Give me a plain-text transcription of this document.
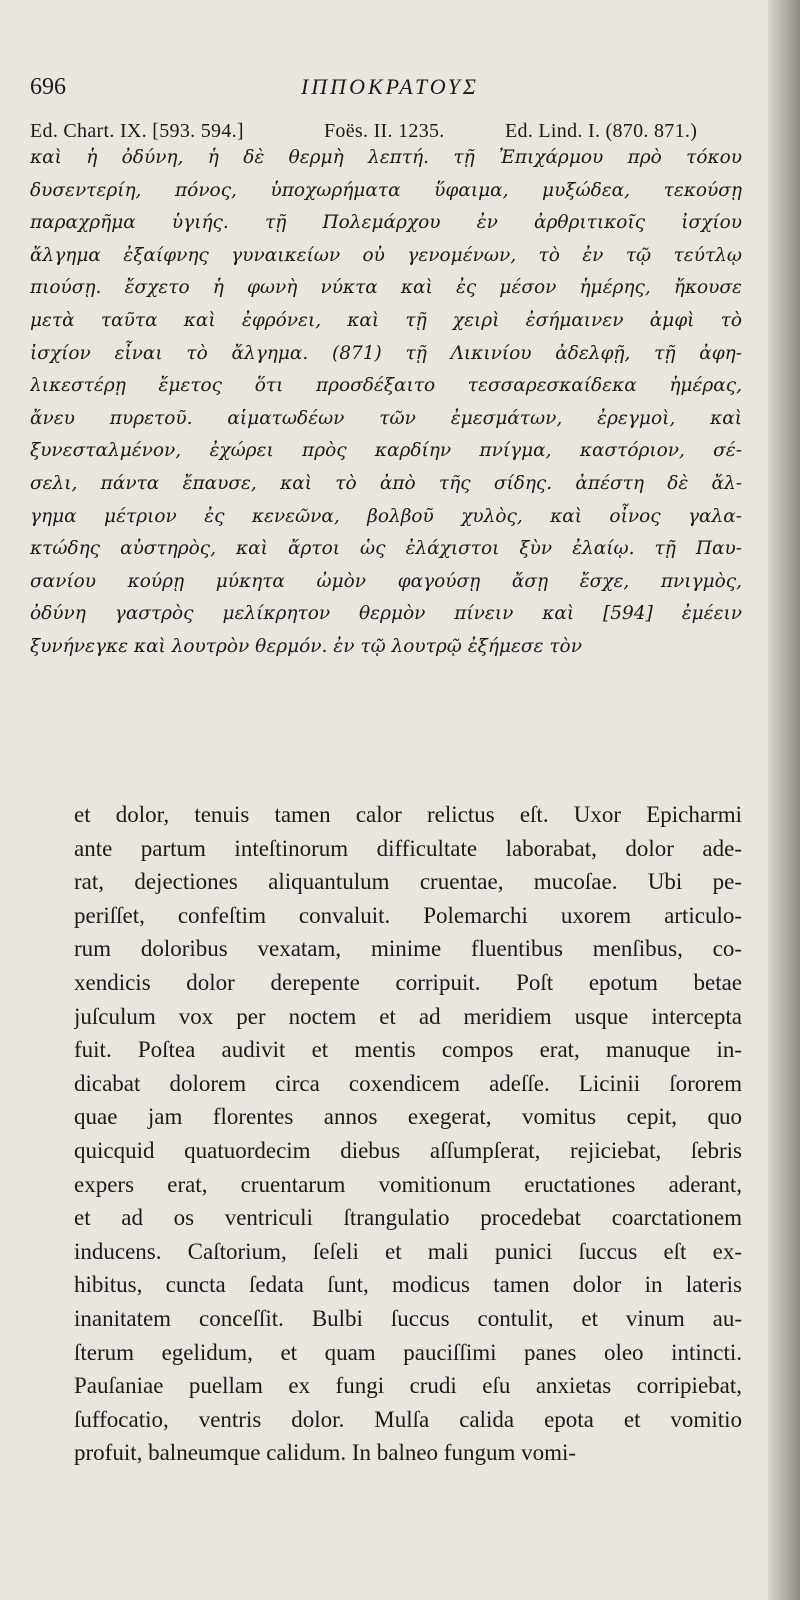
696	ΙΠΠΟΚΡΑΤΟΥΣ
Ed. Chart. IX. [593. 594.]	Foës. II. 1235.	Ed. Lind. I. (870. 871.)
καὶ ἡ ὀδύνη, ἡ δὲ θερμὴ λεπτή. τῇ Ἐπιχάρμου πρὸ τόκου
δυσεντερίη, πόνος, ὑποχωρήματα ὕφαιμα, μυξώδεα, τεκούσῃ
παραχρῆμα ὑγιής. τῇ Πολεμάρχου ἐν ἀρθριτικοῖς ἰσχίου
ἄλγημα ἐξαίφνης γυναικείων οὐ γενομένων, τὸ ἐν τῷ τεύτλῳ
πιούσῃ. ἔσχετο ἡ φωνὴ νύκτα καὶ ἐς μέσον ἡμέρης, ἤκουσε
μετὰ ταῦτα καὶ ἐφρόνει, καὶ τῇ χειρὶ ἐσήμαινεν ἀμφὶ τὸ
ἰσχίον εἶναι τὸ ἄλγημα. (871) τῇ Λικινίου ἀδελφῇ, τῇ ἀφη-
λικεστέρῃ ἔμετος ὅτι προσδέξαιτο τεσσαρεσκαίδεκα ἡμέρας,
ἄνευ πυρετοῦ. αἱματωδέων τῶν ἐμεσμάτων, ἐρεγμοὶ, καὶ
ξυνεσταλμένον, ἐχώρει πρὸς καρδίην πνίγμα, καστόριον, σέ-
σελι, πάντα ἔπαυσε, καὶ τὸ ἀπὸ τῆς σίδης. ἀπέστη δὲ ἄλ-
γημα μέτριον ἐς κενεῶνα, βολβοῦ χυλὸς, καὶ οἶνος γαλα-
κτώδης αὐστηρὸς, καὶ ἄρτοι ὡς ἐλάχιστοι ξὺν ἐλαίῳ. τῇ Παυ-
σανίου κούρῃ μύκητα ὠμὸν φαγούσῃ ἄσῃ ἔσχε, πνιγμὸς,
ὀδύνη γαστρὸς μελίκρητον θερμὸν πίνειν καὶ [594] ἐμέειν
ξυνήνεγκε καὶ λουτρὸν θερμόν. ἐν τῷ λουτρῷ ἐξήμεσε τὸν
et dolor, tenuis tamen calor relictus eſt. Uxor Epicharmi
ante partum inteſtinorum difficultate laborabat, dolor ade-
rat, dejectiones aliquantulum cruentae, mucoſae. Ubi pe-
periſſet, confeſtim convaluit. Polemarchi uxorem articulo-
rum doloribus vexatam, minime fluentibus menſibus, co-
xendicis dolor derepente corripuit. Poſt epotum betae
juſculum vox per noctem et ad meridiem usque intercepta
fuit. Poſtea audivit et mentis compos erat, manuque in-
dicabat dolorem circa coxendicem adeſſe. Licinii ſororem
quae jam florentes annos exegerat, vomitus cepit, quo
quicquid quatuordecim diebus aſſumpſerat, rejiciebat, ſebris
expers erat, cruentarum vomitionum eructationes aderant,
et ad os ventriculi ſtrangulatio procedebat coarctationem
inducens. Caſtorium, ſeſeli et mali punici ſuccus eſt ex-
hibitus, cuncta ſedata ſunt, modicus tamen dolor in lateris
inanitatem conceſſit. Bulbi ſuccus contulit, et vinum au-
ſterum egelidum, et quam pauciſſimi panes oleo intincti.
Pauſaniae puellam ex fungi crudi eſu anxietas corripiebat,
ſuffocatio, ventris dolor. Mulſa calida epota et vomitio
profuit, balneumque calidum. In balneo fungum vomi-
